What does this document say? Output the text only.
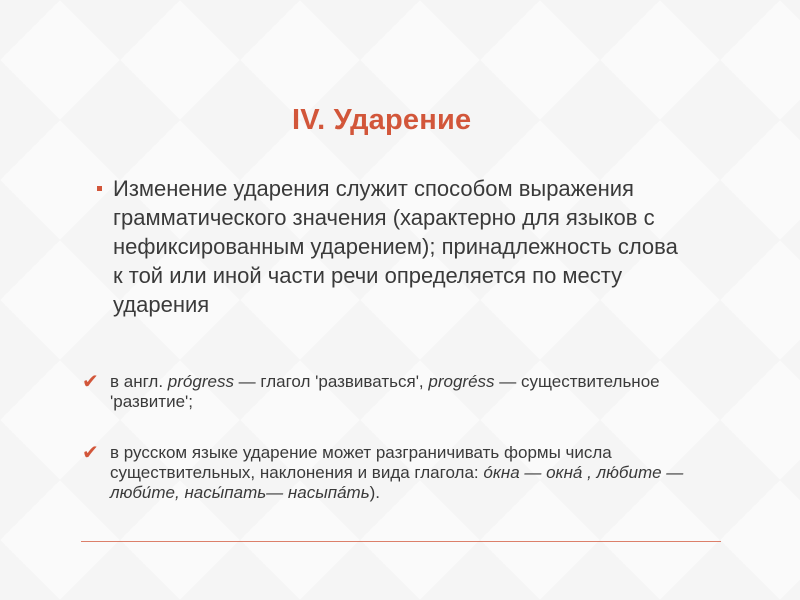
IV. Ударение
Изменение ударения служит способом выражения грамматического значения (характерно для языков с нефиксированным ударением); принадлежность слова к той или иной части речи определяется по месту ударения
✔ в англ. prógress — глагол 'развиваться', progréss — существительное 'развитие';
✔ в русском языке ударение может разграничивать формы числа существительных, наклонения и вида глагола: óкна — окнá , лю́бите — люби́те, насы́пать— насыпáть).
